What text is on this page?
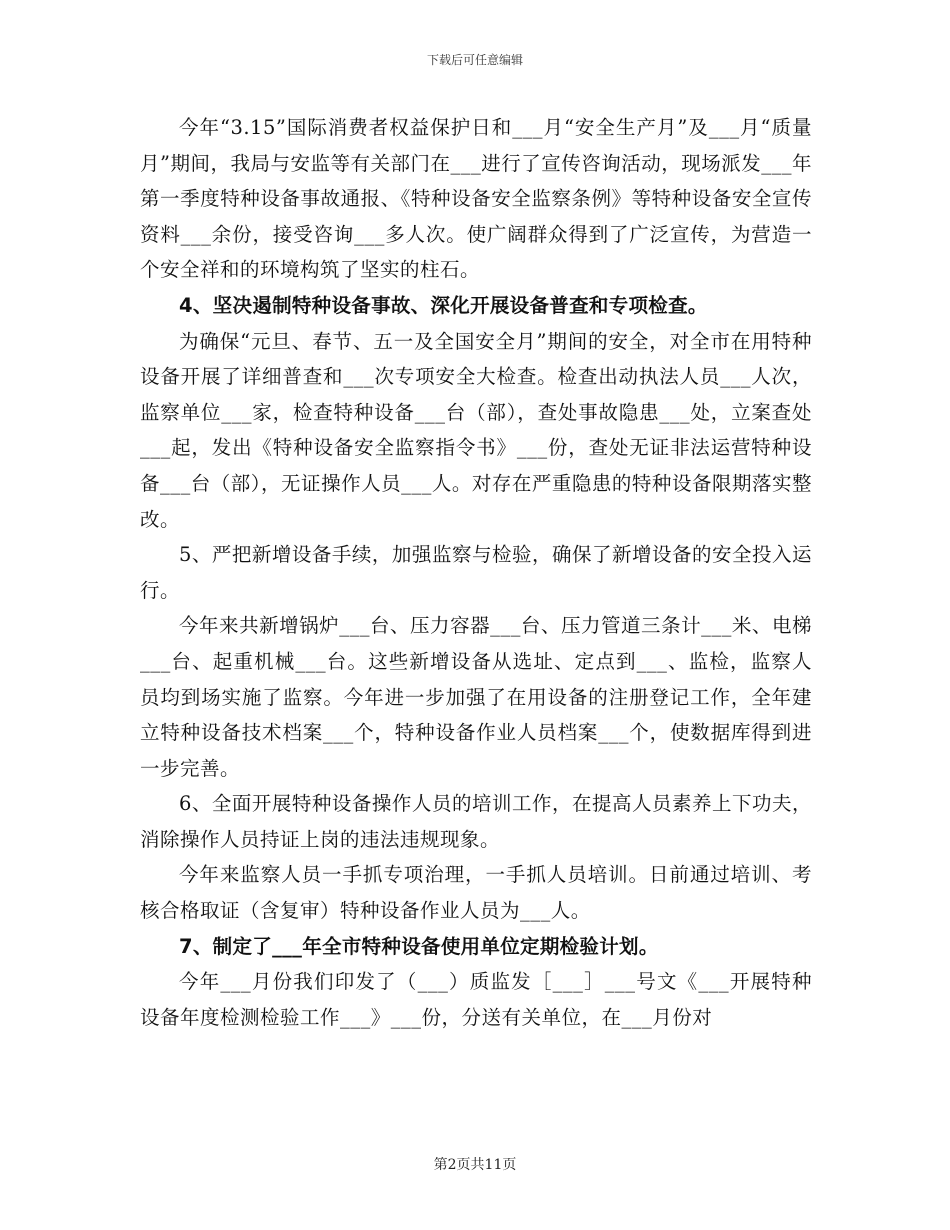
下载后可任意编辑

今年“3.15”国际消费者权益保护日和___月“安全生产月”及___月“质量月”期间，我局与安监等有关部门在___进行了宣传咨询活动，现场派发___年第一季度特种设备事故通报、《特种设备安全监察条例》等特种设备安全宣传资料___余份，接受咨询___多人次。使广阔群众得到了广泛宣传，为营造一个安全祥和的环境构筑了坚实的柱石。

4、坚决遏制特种设备事故、深化开展设备普查和专项检查。

为确保“元旦、春节、五一及全国安全月”期间的安全，对全市在用特种设备开展了详细普查和___次专项安全大检查。检查出动执法人员___人次，监察单位___家，检查特种设备___台（部），查处事故隐患___处，立案查处___起，发出《特种设备安全监察指令书》___份，查处无证非法运营特种设备___台（部），无证操作人员___人。对存在严重隐患的特种设备限期落实整改。

5、严把新增设备手续，加强监察与检验，确保了新增设备的安全投入运行。

今年来共新增锅炉___台、压力容器___台、压力管道三条计___米、电梯___台、起重机械___台。这些新增设备从选址、定点到___、监检，监察人员均到场实施了监察。今年进一步加强了在用设备的注册登记工作，全年建立特种设备技术档案___个，特种设备作业人员档案___个，使数据库得到进一步完善。

6、全面开展特种设备操作人员的培训工作，在提高人员素养上下功夫，消除操作人员持证上岗的违法违规现象。

今年来监察人员一手抓专项治理，一手抓人员培训。日前通过培训、考核合格取证（含复审）特种设备作业人员为___人。

7、制定了___年全市特种设备使用单位定期检验计划。

今年___月份我们印发了（___）质监发［___］___号文《___开展特种设备年度检测检验工作___》___份，分送有关单位，在___月份对

第2页共11页
